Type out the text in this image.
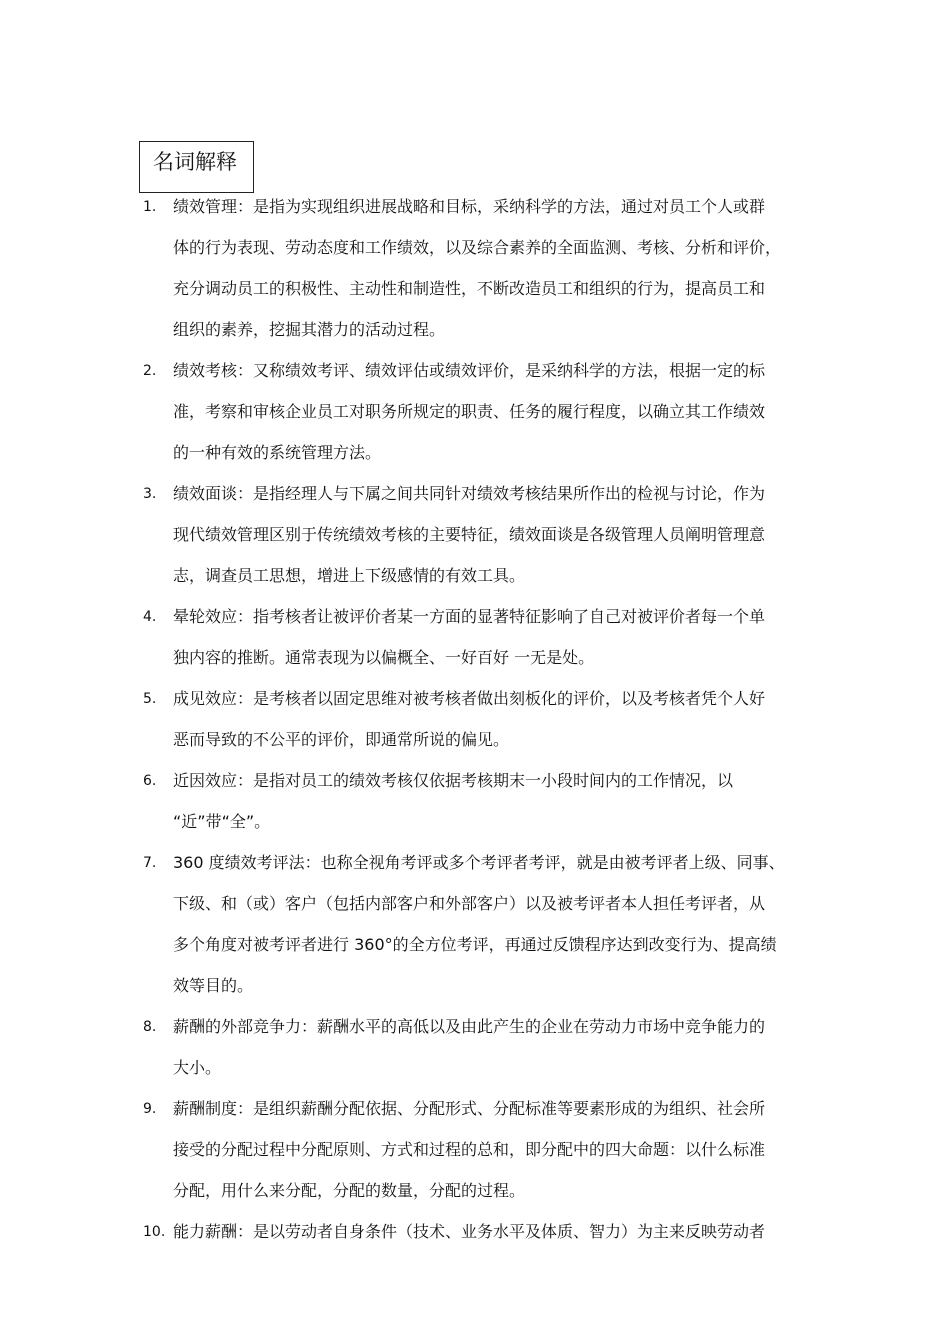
名词解释
1. 绩效管理：是指为实现组织进展战略和目标，采纳科学的方法，通过对员工个人或群
体的行为表现、劳动态度和工作绩效，以及综合素养的全面监测、考核、分析和评价，
充分调动员工的积极性、主动性和制造性，不断改造员工和组织的行为，提高员工和
组织的素养，挖掘其潜力的活动过程。
2. 绩效考核：又称绩效考评、绩效评估或绩效评价，是采纳科学的方法，根据一定的标
准，考察和审核企业员工对职务所规定的职责、任务的履行程度，以确立其工作绩效
的一种有效的系统管理方法。
3. 绩效面谈：是指经理人与下属之间共同针对绩效考核结果所作出的检视与讨论，作为
现代绩效管理区别于传统绩效考核的主要特征，绩效面谈是各级管理人员阐明管理意
志，调查员工思想，增进上下级感情的有效工具。
4. 晕轮效应：指考核者让被评价者某一方面的显著特征影响了自己对被评价者每一个单
独内容的推断。通常表现为以偏概全、一好百好 一无是处。
5. 成见效应：是考核者以固定思维对被考核者做出刻板化的评价，以及考核者凭个人好
恶而导致的不公平的评价，即通常所说的偏见。
6. 近因效应：是指对员工的绩效考核仅依据考核期末一小段时间内的工作情况，以
“近”带“全”。
7. 360 度绩效考评法：也称全视角考评或多个考评者考评，就是由被考评者上级、同事、
下级、和（或）客户（包括内部客户和外部客户）以及被考评者本人担任考评者，从
多个角度对被考评者进行 360°的全方位考评，再通过反馈程序达到改变行为、提高绩
效等目的。
8. 薪酬的外部竞争力：薪酬水平的高低以及由此产生的企业在劳动力市场中竞争能力的
大小。
9. 薪酬制度：是组织薪酬分配依据、分配形式、分配标准等要素形成的为组织、社会所
接受的分配过程中分配原则、方式和过程的总和，即分配中的四大命题：以什么标准
分配，用什么来分配，分配的数量，分配的过程。
10. 能力薪酬：是以劳动者自身条件（技术、业务水平及体质、智力）为主来反映劳动者
